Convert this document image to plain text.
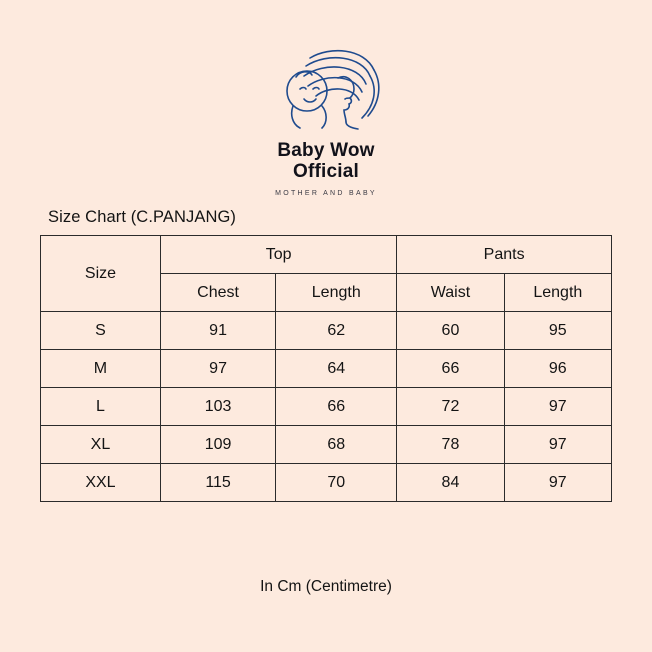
Baby Wow
Official
MOTHER AND BABY
Size Chart (C.PANJANG)
Size	Top		Pants	
	Chest	Length	Waist	Length
S	91	62	60	95
M	97	64	66	96
L	103	66	72	97
XL	109	68	78	97
XXL	115	70	84	97
In Cm (Centimetre)
